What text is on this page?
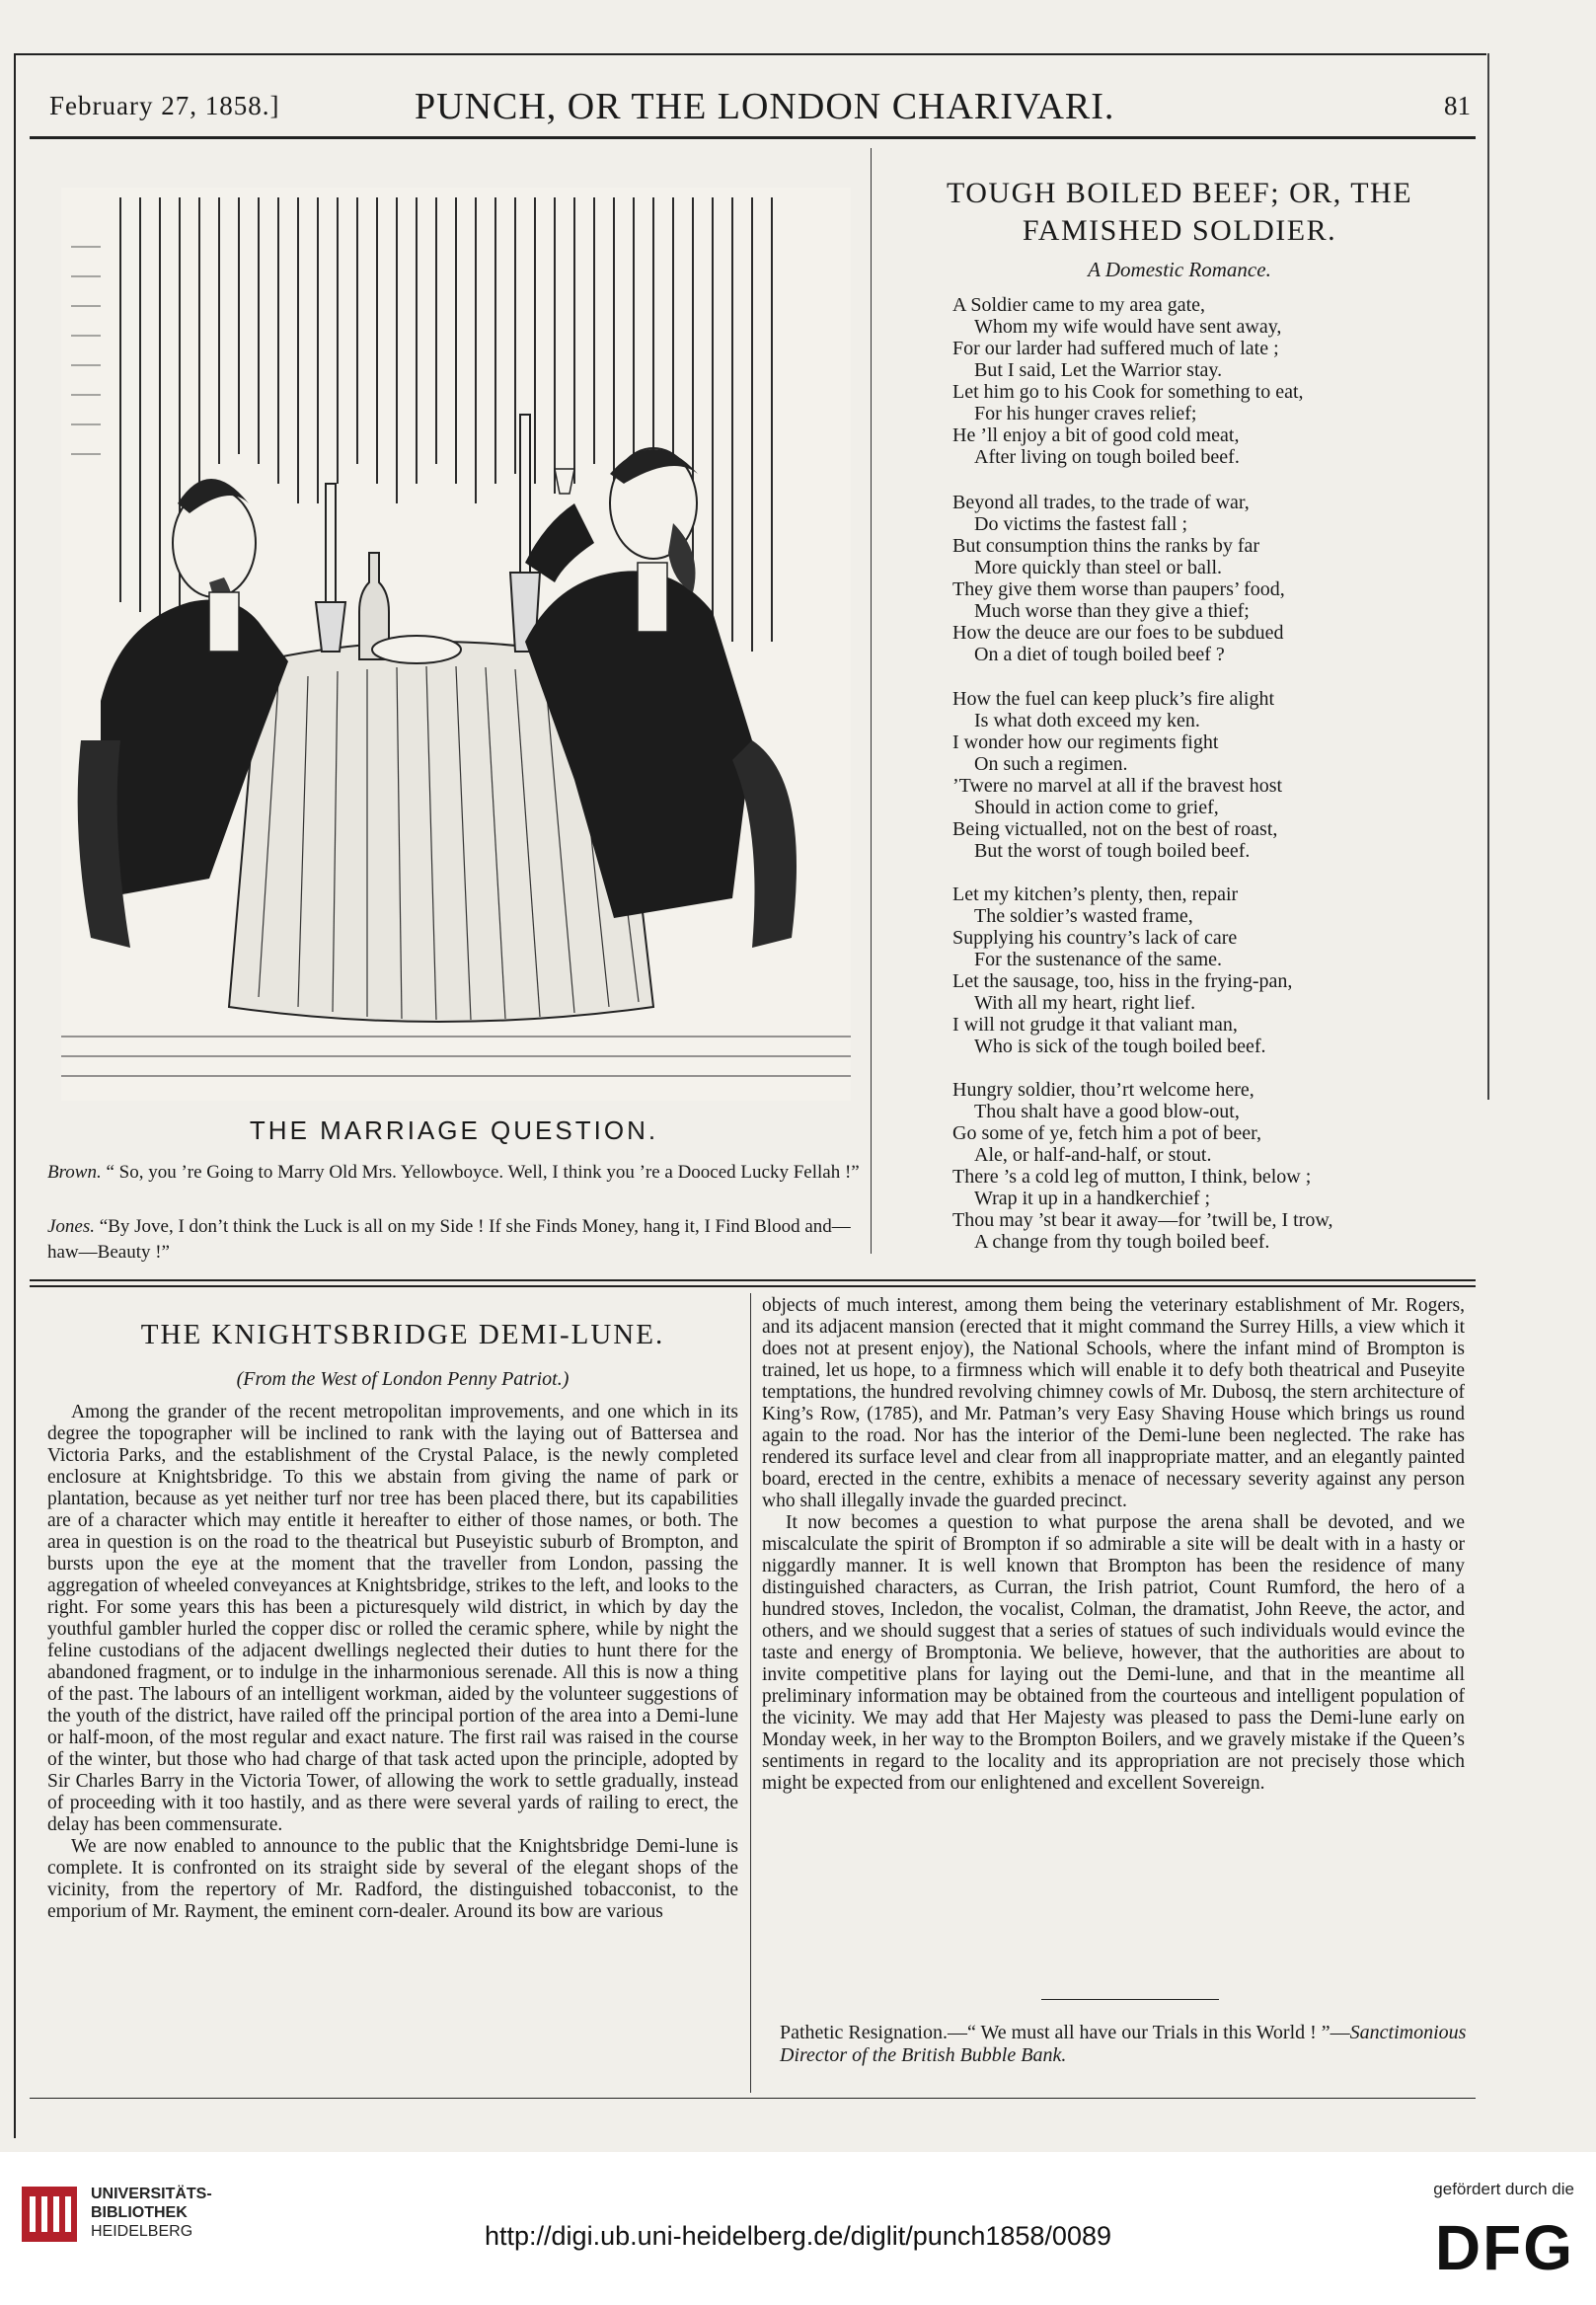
February 27, 1858.]	PUNCH, OR THE LONDON CHARIVARI.	81
THE MARRIAGE QUESTION.
Brown. “ So, you ’re Going to Marry Old Mrs. Yellowboyce. Well, I think you ’re a Dooced Lucky Fellah !”
Jones. “By Jove, I don’t think the Luck is all on my Side ! If she Finds Money, hang it, I Find Blood and—haw—Beauty !”
TOUGH BOILED BEEF; OR, THE
FAMISHED SOLDIER.
A Domestic Romance.
A Soldier came to my area gate,
Whom my wife would have sent away,
For our larder had suffered much of late ;
But I said, Let the Warrior stay.
Let him go to his Cook for something to eat,
For his hunger craves relief;
He ’ll enjoy a bit of good cold meat,
After living on tough boiled beef.
Beyond all trades, to the trade of war,
Do victims the fastest fall ;
But consumption thins the ranks by far
More quickly than steel or ball.
They give them worse than paupers’ food,
Much worse than they give a thief;
How the deuce are our foes to be subdued
On a diet of tough boiled beef ?
How the fuel can keep pluck’s fire alight
Is what doth exceed my ken.
I wonder how our regiments fight
On such a regimen.
’Twere no marvel at all if the bravest host
Should in action come to grief,
Being victualled, not on the best of roast,
But the worst of tough boiled beef.
Let my kitchen’s plenty, then, repair
The soldier’s wasted frame,
Supplying his country’s lack of care
For the sustenance of the same.
Let the sausage, too, hiss in the frying-pan,
With all my heart, right lief.
I will not grudge it that valiant man,
Who is sick of the tough boiled beef.
Hungry soldier, thou’rt welcome here,
Thou shalt have a good blow-out,
Go some of ye, fetch him a pot of beer,
Ale, or half-and-half, or stout.
There ’s a cold leg of mutton, I think, below ;
Wrap it up in a handkerchief ;
Thou may ’st bear it away—for ’twill be, I trow,
A change from thy tough boiled beef.
THE KNIGHTSBRIDGE DEMI-LUNE.
(From the West of London Penny Patriot.)

Among the grander of the recent metropolitan improvements, and one which in its degree the topographer will be inclined to rank with the laying out of Battersea and Victoria Parks, and the establishment of the Crystal Palace, is the newly completed enclosure at Knightsbridge. To this we abstain from giving the name of park or plantation, because as yet neither turf nor tree has been placed there, but its capabilities are of a character which may entitle it hereafter to either of those names, or both. The area in question is on the road to the theatrical but Puseyistic suburb of Brompton, and bursts upon the eye at the moment that the traveller from London, passing the aggregation of wheeled conveyances at Knightsbridge, strikes to the left, and looks to the right. For some years this has been a picturesquely wild district, in which by day the youthful gambler hurled the copper disc or rolled the ceramic sphere, while by night the feline custodians of the adjacent dwellings neglected their duties to hunt there for the abandoned fragment, or to indulge in the inharmonious serenade. All this is now a thing of the past. The labours of an intelligent workman, aided by the volunteer suggestions of the youth of the district, have railed off the principal portion of the area into a Demi-lune or half-moon, of the most regular and exact nature. The first rail was raised in the course of the winter, but those who had charge of that task acted upon the principle, adopted by Sir Charles Barry in the Victoria Tower, of allowing the work to settle gradually, instead of proceeding with it too hastily, and as there were several yards of railing to erect, the delay has been commensurate.

We are now enabled to announce to the public that the Knightsbridge Demi-lune is complete. It is confronted on its straight side by several of the elegant shops of the vicinity, from the repertory of Mr. Radford, the distinguished tobacconist, to the emporium of Mr. Rayment, the eminent corn-dealer. Around its bow are various

objects of much interest, among them being the veterinary establishment of Mr. Rogers, and its adjacent mansion (erected that it might command the Surrey Hills, a view which it does not at present enjoy), the National Schools, where the infant mind of Brompton is trained, let us hope, to a firmness which will enable it to defy both theatrical and Puseyite temptations, the hundred revolving chimney cowls of Mr. Dubosq, the stern architecture of King’s Row, (1785), and Mr. Patman’s very Easy Shaving House which brings us round again to the road. Nor has the interior of the Demi-lune been neglected. The rake has rendered its surface level and clear from all inappropriate matter, and an elegantly painted board, erected in the centre, exhibits a menace of necessary severity against any person who shall illegally invade the guarded precinct.

It now becomes a question to what purpose the arena shall be devoted, and we miscalculate the spirit of Brompton if so admirable a site will be dealt with in a hasty or niggardly manner. It is well known that Brompton has been the residence of many distinguished characters, as Curran, the Irish patriot, Count Rumford, the hero of a hundred stoves, Incledon, the vocalist, Colman, the dramatist, John Reeve, the actor, and others, and we should suggest that a series of statues of such individuals would evince the taste and energy of Bromptonia. We believe, however, that the authorities are about to invite competitive plans for laying out the Demi-lune, and that in the meantime all preliminary information may be obtained from the courteous and intelligent population of the vicinity. We may add that Her Majesty was pleased to pass the Demi-lune early on Monday week, in her way to the Brompton Boilers, and we gravely mistake if the Queen’s sentiments in regard to the locality and its appropriation are not precisely those which might be expected from our enlightened and excellent Sovereign.

Pathetic Resignation.—“ We must all have our Trials in this World ! ”—Sanctimonious Director of the British Bubble Bank.
UNIVERSITÄTS-
BIBLIOTHEK
HEIDELBERG	http://digi.ub.uni-heidelberg.de/diglit/punch1858/0089
gefördert durch die
DFG
